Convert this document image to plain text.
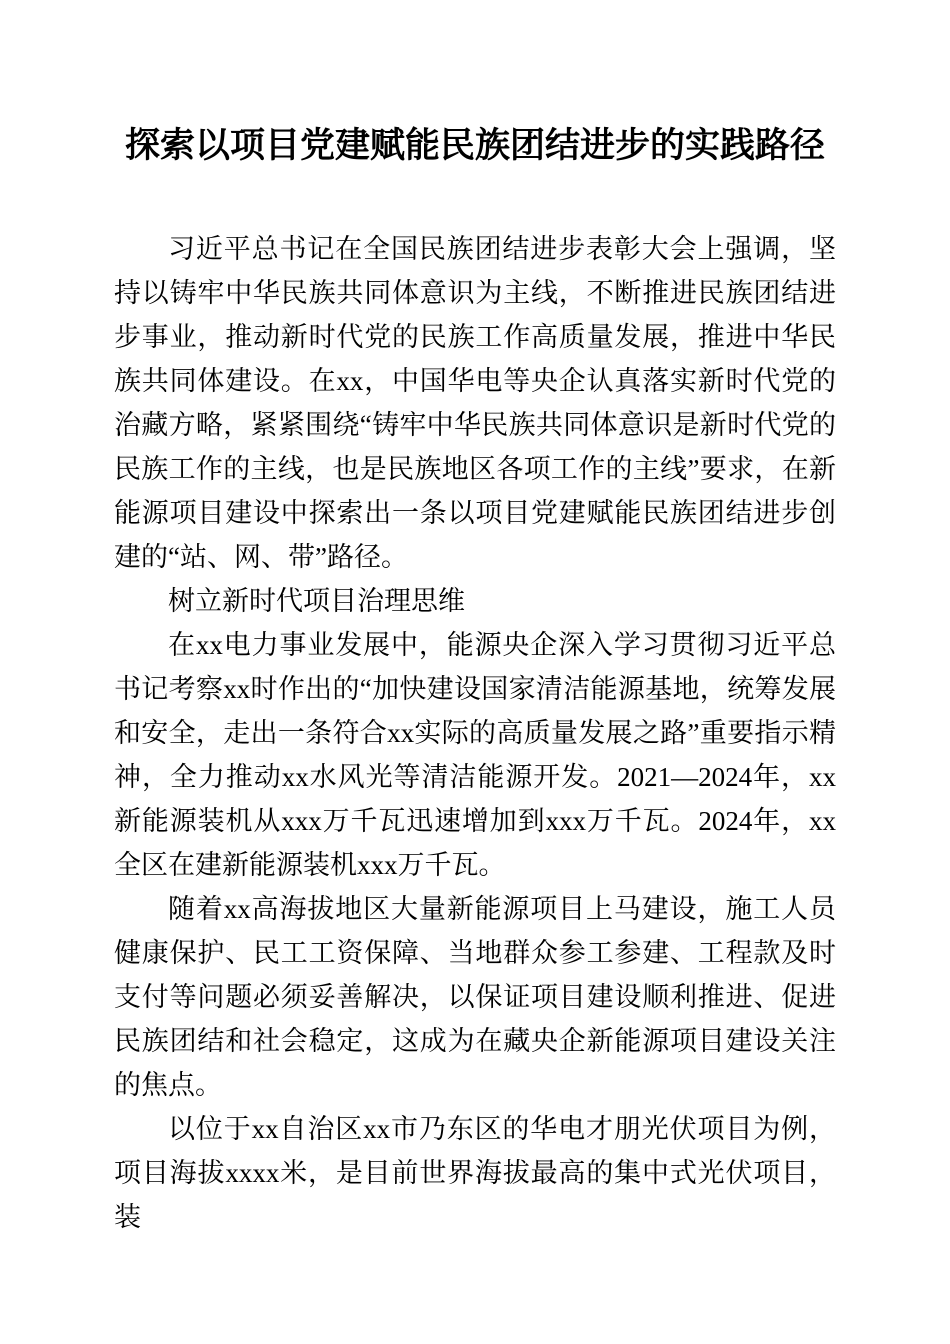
探索以项目党建赋能民族团结进步的实践路径

习近平总书记在全国民族团结进步表彰大会上强调，坚持以铸牢中华民族共同体意识为主线，不断推进民族团结进步事业，推动新时代党的民族工作高质量发展，推进中华民族共同体建设。在xx，中国华电等央企认真落实新时代党的治藏方略，紧紧围绕“铸牢中华民族共同体意识是新时代党的民族工作的主线，也是民族地区各项工作的主线”要求，在新能源项目建设中探索出一条以项目党建赋能民族团结进步创建的“站、网、带”路径。

树立新时代项目治理思维

在xx电力事业发展中，能源央企深入学习贯彻习近平总书记考察xx时作出的“加快建设国家清洁能源基地，统筹发展和安全，走出一条符合xx实际的高质量发展之路”重要指示精神，全力推动xx水风光等清洁能源开发。2021—2024年，xx新能源装机从xxx万千瓦迅速增加到xxx万千瓦。2024年，xx全区在建新能源装机xxx万千瓦。

随着xx高海拔地区大量新能源项目上马建设，施工人员健康保护、民工工资保障、当地群众参工参建、工程款及时支付等问题必须妥善解决，以保证项目建设顺利推进、促进民族团结和社会稳定，这成为在藏央企新能源项目建设关注的焦点。

以位于xx自治区xx市乃东区的华电才朋光伏项目为例，项目海拔xxxx米，是目前世界海拔最高的集中式光伏项目，装
